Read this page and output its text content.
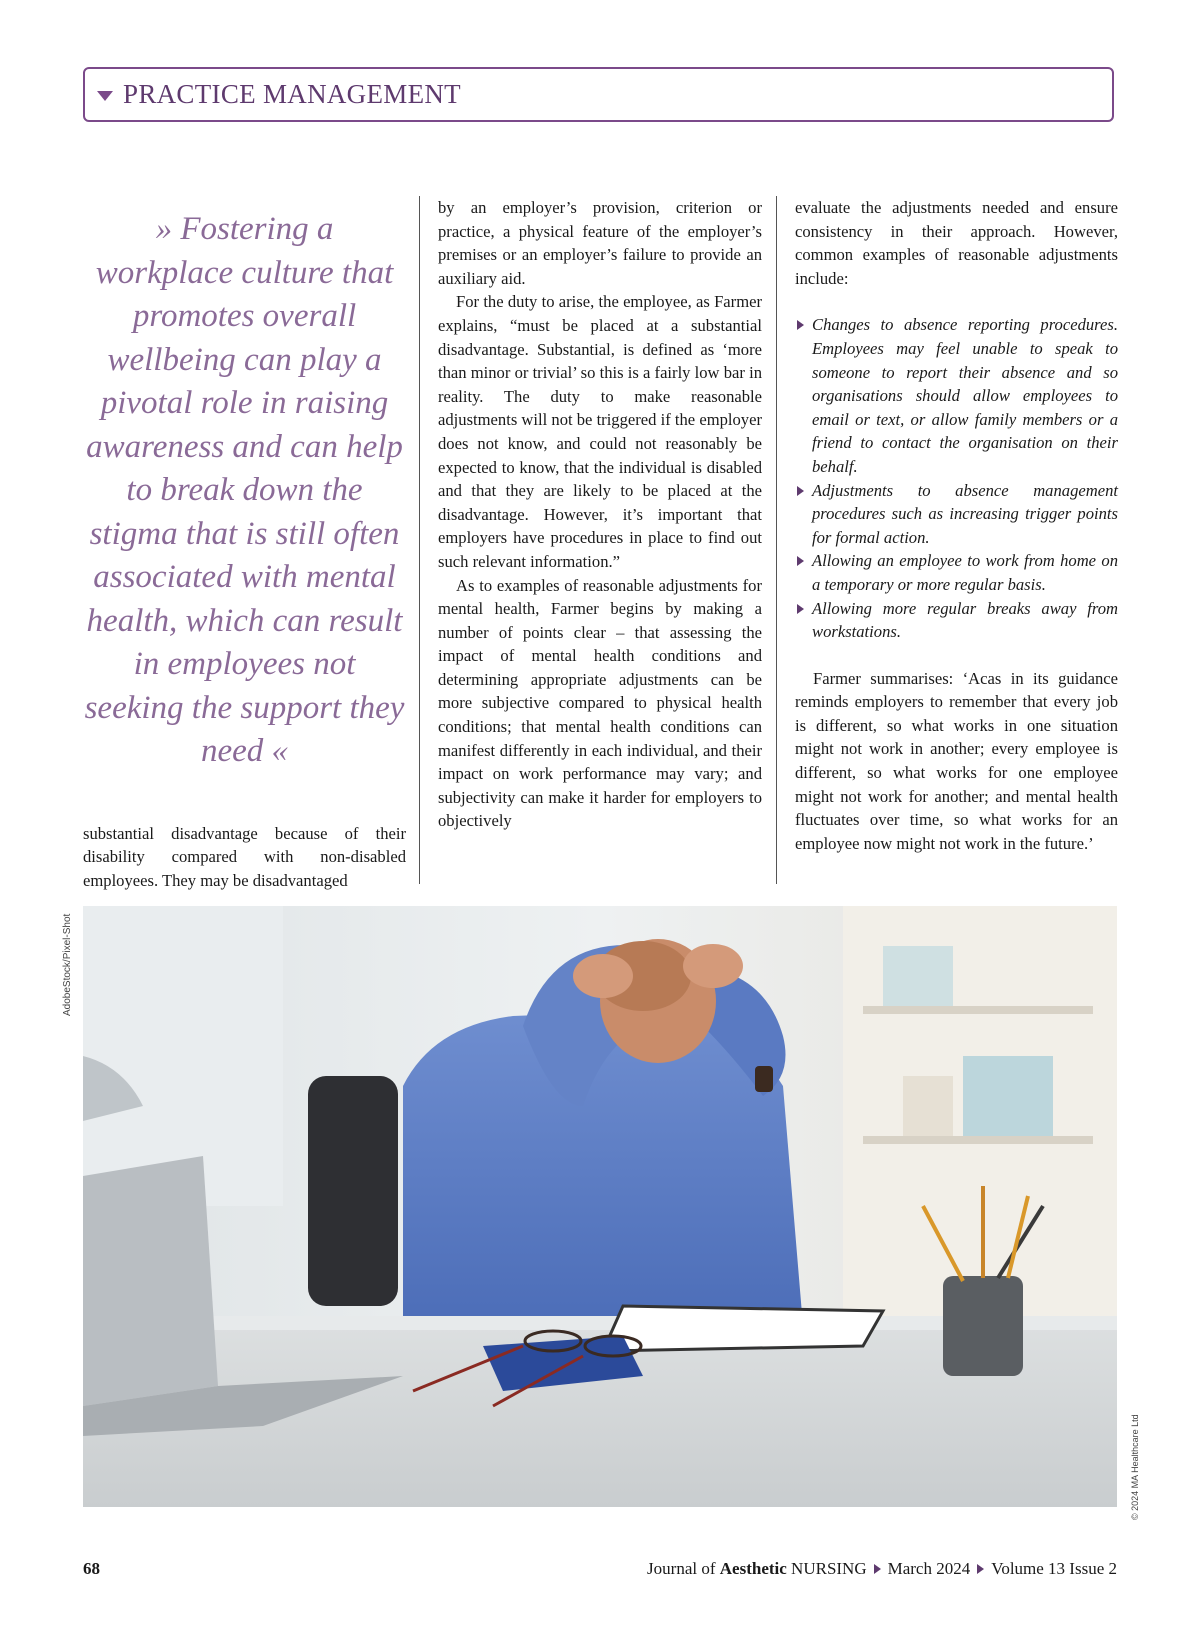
PRACTICE MANAGEMENT

» Fostering a workplace culture that promotes overall wellbeing can play a pivotal role in raising awareness and can help to break down the stigma that is still often associated with mental health, which can result in employees not seeking the support they need «

substantial disadvantage because of their disability compared with non-disabled employees. They may be disadvantaged

by an employer’s provision, criterion or practice, a physical feature of the employer’s premises or an employer’s failure to provide an auxiliary aid.

For the duty to arise, the employee, as Farmer explains, “must be placed at a substantial disadvantage. Substantial, is defined as ‘more than minor or trivial’ so this is a fairly low bar in reality. The duty to make reasonable adjustments will not be triggered if the employer does not know, and could not reasonably be expected to know, that the individual is disabled and that they are likely to be placed at the disadvantage. However, it’s important that employers have procedures in place to find out such relevant information.”

As to examples of reasonable adjustments for mental health, Farmer begins by making a number of points clear – that assessing the impact of mental health conditions and determining appropriate adjustments can be more subjective compared to physical health conditions; that mental health conditions can manifest differently in each individual, and their impact on work performance may vary; and subjectivity can make it harder for employers to objectively

evaluate the adjustments needed and ensure consistency in their approach. However, common examples of reasonable adjustments include:

Changes to absence reporting procedures. Employees may feel unable to speak to someone to report their absence and so organisations should allow employees to email or text, or allow family members or a friend to contact the organisation on their behalf.
Adjustments to absence management procedures such as increasing trigger points for formal action.
Allowing an employee to work from home on a temporary or more regular basis.
Allowing more regular breaks away from workstations.

Farmer summarises: ‘Acas in its guidance reminds employers to remember that every job is different, so what works in one situation might not work in another; every employee is different, so what works for one employee might not work for another; and mental health fluctuates over time, so what works for an employee now might not work in the future.’

AdobeStock/Pixel-Shot
© 2024 MA Healthcare Ltd
68	Journal of Aesthetic NURSING March 2024 Volume 13 Issue 2
